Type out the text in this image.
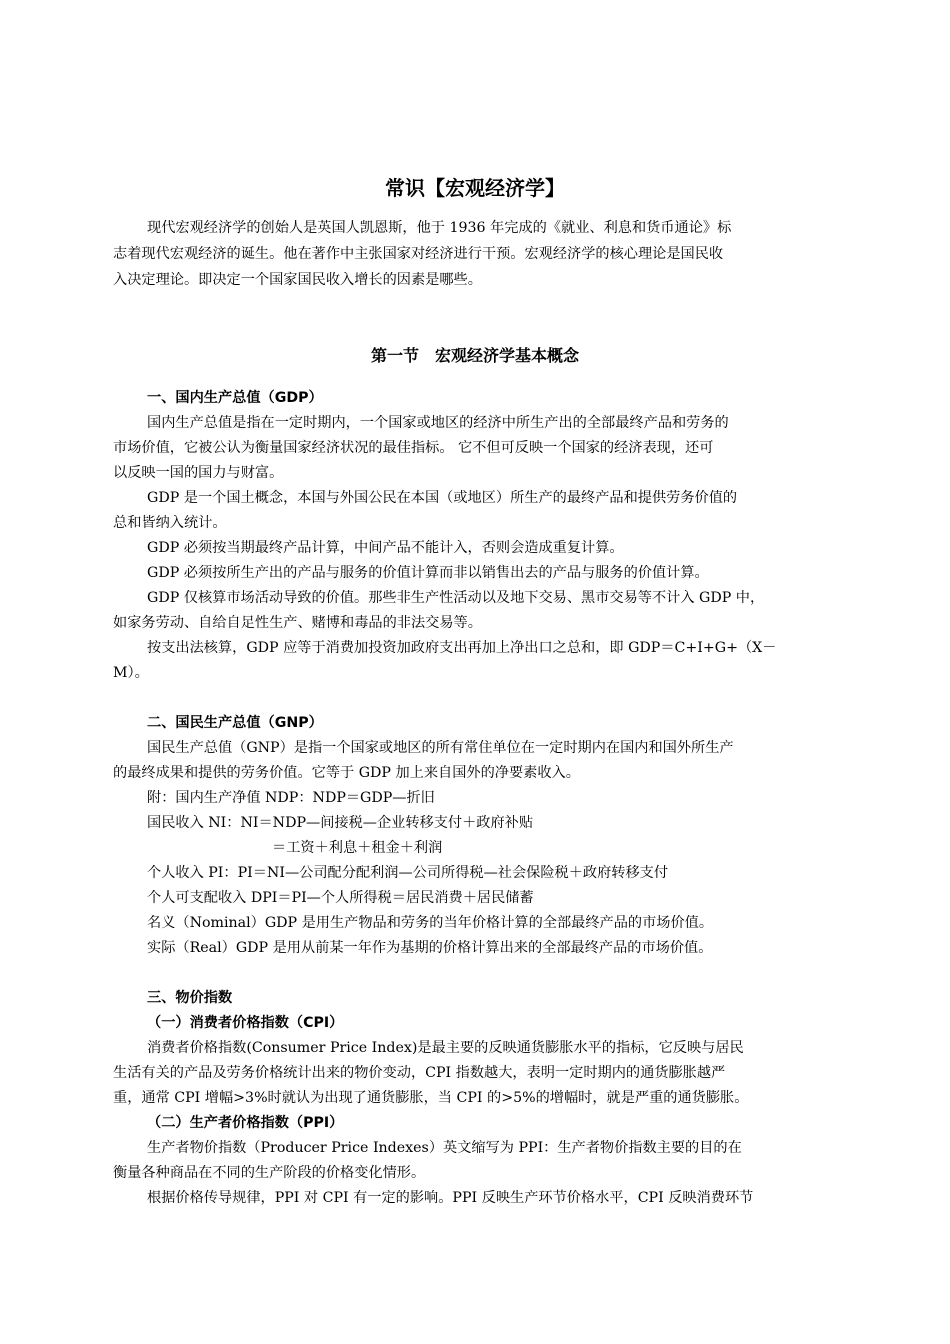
常识【宏观经济学】
现代宏观经济学的创始人是英国人凯恩斯，他于 1936 年完成的《就业、利息和货币通论》标
志着现代宏观经济的诞生。他在著作中主张国家对经济进行干预。宏观经济学的核心理论是国民收
入决定理论。即决定一个国家国民收入增长的因素是哪些。
第一节　宏观经济学基本概念
一、国内生产总值（GDP）
国内生产总值是指在一定时期内，一个国家或地区的经济中所生产出的全部最终产品和劳务的
市场价值，它被公认为衡量国家经济状况的最佳指标。 它不但可反映一个国家的经济表现，还可
以反映一国的国力与财富。
GDP 是一个国土概念，本国与外国公民在本国（或地区）所生产的最终产品和提供劳务价值的
总和皆纳入统计。
GDP 必须按当期最终产品计算，中间产品不能计入，否则会造成重复计算。
GDP 必须按所生产出的产品与服务的价值计算而非以销售出去的产品与服务的价值计算。
GDP 仅核算市场活动导致的价值。那些非生产性活动以及地下交易、黑市交易等不计入 GDP 中，
如家务劳动、自给自足性生产、赌博和毒品的非法交易等。
按支出法核算，GDP 应等于消费加投资加政府支出再加上净出口之总和，即 GDP＝C+I+G+（X－
M）。
二、国民生产总值（GNP）
国民生产总值（GNP）是指一个国家或地区的所有常住单位在一定时期内在国内和国外所生产
的最终成果和提供的劳务价值。它等于 GDP 加上来自国外的净要素收入。
附：国内生产净值 NDP：NDP＝GDP—折旧
国民收入 NI：NI＝NDP—间接税—企业转移支付＋政府补贴
＝工资＋利息＋租金＋利润
个人收入 PI：PI＝NI—公司配分配利润—公司所得税—社会保险税＋政府转移支付
个人可支配收入 DPI＝PI—个人所得税＝居民消费＋居民储蓄
名义（Nominal）GDP 是用生产物品和劳务的当年价格计算的全部最终产品的市场价值。
实际（Real）GDP 是用从前某一年作为基期的价格计算出来的全部最终产品的市场价值。
三、物价指数
（一）消费者价格指数（CPI）
消费者价格指数(Consumer Price Index)是最主要的反映通货膨胀水平的指标，它反映与居民
生活有关的产品及劳务价格统计出来的物价变动，CPI 指数越大，表明一定时期内的通货膨胀越严
重，通常 CPI 增幅>3%时就认为出现了通货膨胀，当 CPI 的>5%的增幅时，就是严重的通货膨胀。
（二）生产者价格指数（PPI）
生产者物价指数（Producer Price Indexes）英文缩写为 PPI：生产者物价指数主要的目的在
衡量各种商品在不同的生产阶段的价格变化情形。
根据价格传导规律，PPI 对 CPI 有一定的影响。PPI 反映生产环节价格水平，CPI 反映消费环节
